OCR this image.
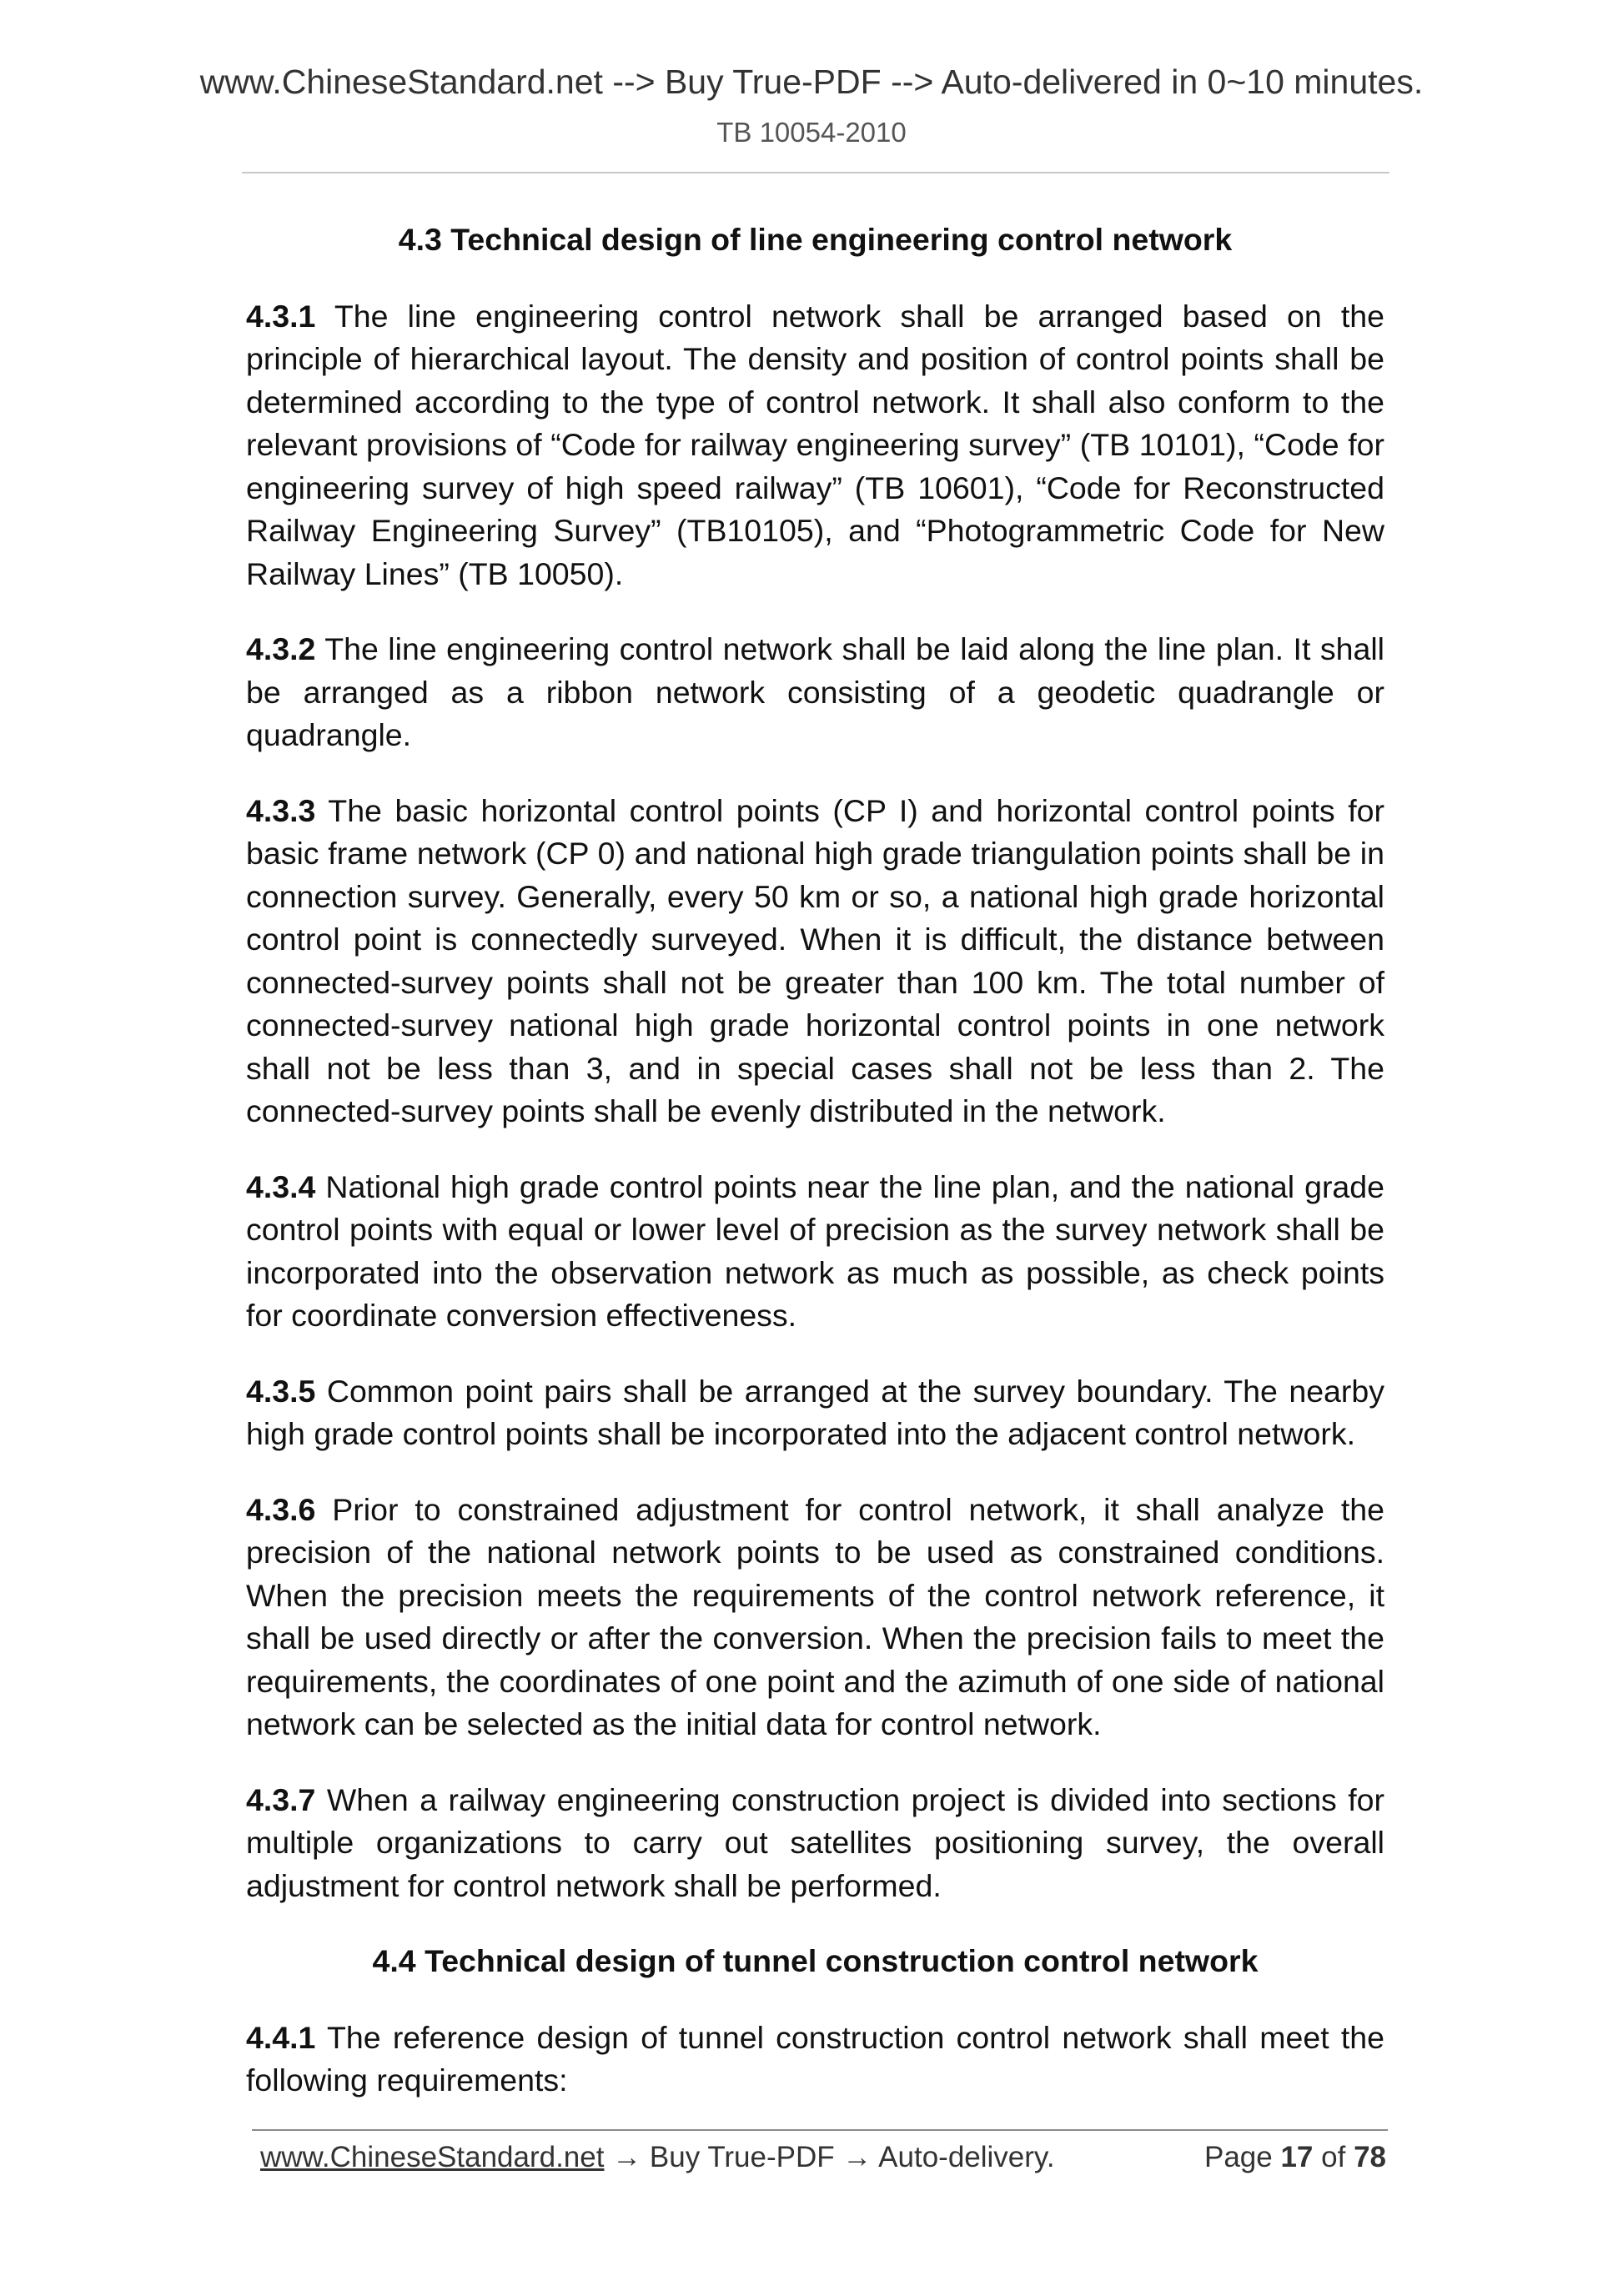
www.ChineseStandard.net --> Buy True-PDF --> Auto-delivered in 0~10 minutes.
TB 10054-2010
4.3 Technical design of line engineering control network
4.3.1 The line engineering control network shall be arranged based on the principle of hierarchical layout. The density and position of control points shall be determined according to the type of control network. It shall also conform to the relevant provisions of “Code for railway engineering survey” (TB 10101), “Code for engineering survey of high speed railway” (TB 10601), “Code for Reconstructed Railway Engineering Survey” (TB10105), and “Photogrammetric Code for New Railway Lines” (TB 10050).
4.3.2 The line engineering control network shall be laid along the line plan. It shall be arranged as a ribbon network consisting of a geodetic quadrangle or quadrangle.
4.3.3 The basic horizontal control points (CP I) and horizontal control points for basic frame network (CP 0) and national high grade triangulation points shall be in connection survey. Generally, every 50 km or so, a national high grade horizontal control point is connectedly surveyed. When it is difficult, the distance between connected-survey points shall not be greater than 100 km. The total number of connected-survey national high grade horizontal control points in one network shall not be less than 3, and in special cases shall not be less than 2. The connected-survey points shall be evenly distributed in the network.
4.3.4 National high grade control points near the line plan, and the national grade control points with equal or lower level of precision as the survey network shall be incorporated into the observation network as much as possible, as check points for coordinate conversion effectiveness.
4.3.5 Common point pairs shall be arranged at the survey boundary. The nearby high grade control points shall be incorporated into the adjacent control network.
4.3.6 Prior to constrained adjustment for control network, it shall analyze the precision of the national network points to be used as constrained conditions. When the precision meets the requirements of the control network reference, it shall be used directly or after the conversion. When the precision fails to meet the requirements, the coordinates of one point and the azimuth of one side of national network can be selected as the initial data for control network.
4.3.7 When a railway engineering construction project is divided into sections for multiple organizations to carry out satellites positioning survey, the overall adjustment for control network shall be performed.
4.4 Technical design of tunnel construction control network
4.4.1 The reference design of tunnel construction control network shall meet the following requirements:
www.ChineseStandard.net → Buy True-PDF → Auto-delivery.	Page 17 of 78
